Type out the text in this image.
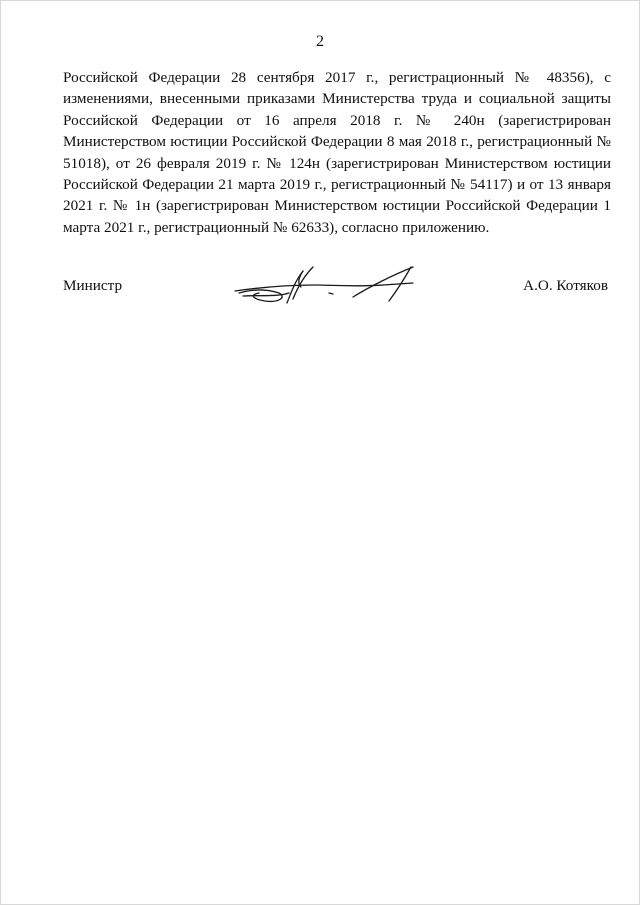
2

Российской Федерации 28 сентября 2017 г., регистрационный № 48356), с изменениями, внесенными приказами Министерства труда и социальной защиты Российской Федерации от 16 апреля 2018 г. № 240н (зарегистрирован Министерством юстиции Российской Федерации 8 мая 2018 г., регистрационный № 51018), от 26 февраля 2019 г. № 124н (зарегистрирован Министерством юстиции Российской Федерации 21 марта 2019 г., регистрационный № 54117) и от 13 января 2021 г. № 1н (зарегистрирован Министерством юстиции Российской Федерации 1 марта 2021 г., регистрационный № 62633), согласно приложению.

Министр	А.О. Котяков
